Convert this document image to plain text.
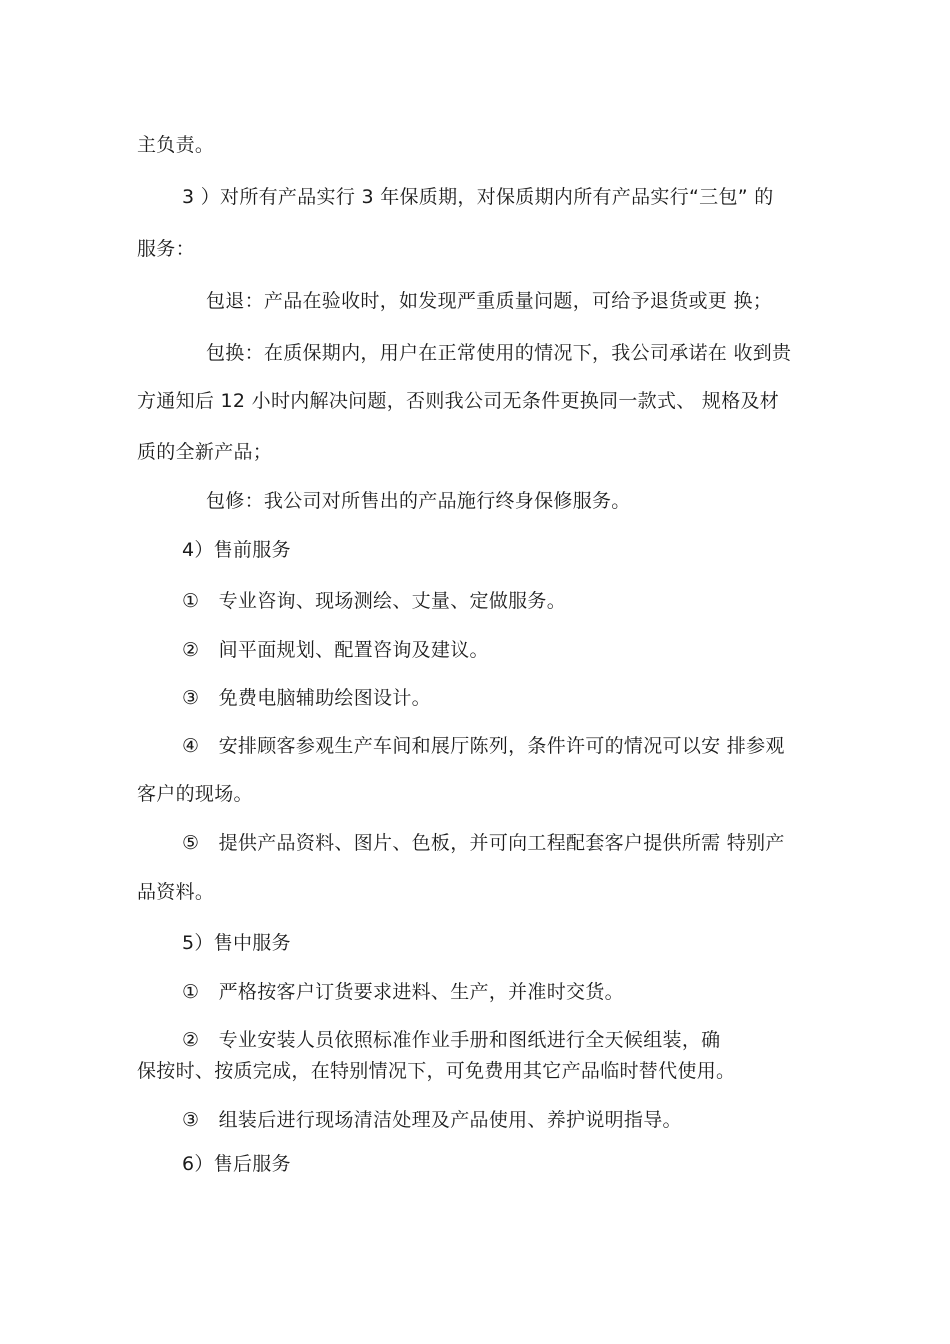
主负责。
3 ）对所有产品实行 3 年保质期，对保质期内所有产品实行“三包” 的
服务：
包退：产品在验收时，如发现严重质量问题，可给予退货或更 换；
包换：在质保期内，用户在正常使用的情况下，我公司承诺在 收到贵
方通知后 12 小时内解决问题，否则我公司无条件更换同一款式、 规格及材
质的全新产品；
包修：我公司对所售出的产品施行终身保修服务。
4）售前服务
①　专业咨询、现场测绘、丈量、定做服务。
②　间平面规划、配置咨询及建议。
③　免费电脑辅助绘图设计。
④　安排顾客参观生产车间和展厅陈列，条件许可的情况可以安 排参观
客户的现场。
⑤　提供产品资料、图片、色板，并可向工程配套客户提供所需 特别产
品资料。
5）售中服务
①　严格按客户订货要求进料、生产，并准时交货。
②　专业安装人员依照标准作业手册和图纸进行全天候组装，确
保按时、按质完成，在特别情况下，可免费用其它产品临时替代使用。
③　组装后进行现场清洁处理及产品使用、养护说明指导。
6）售后服务
